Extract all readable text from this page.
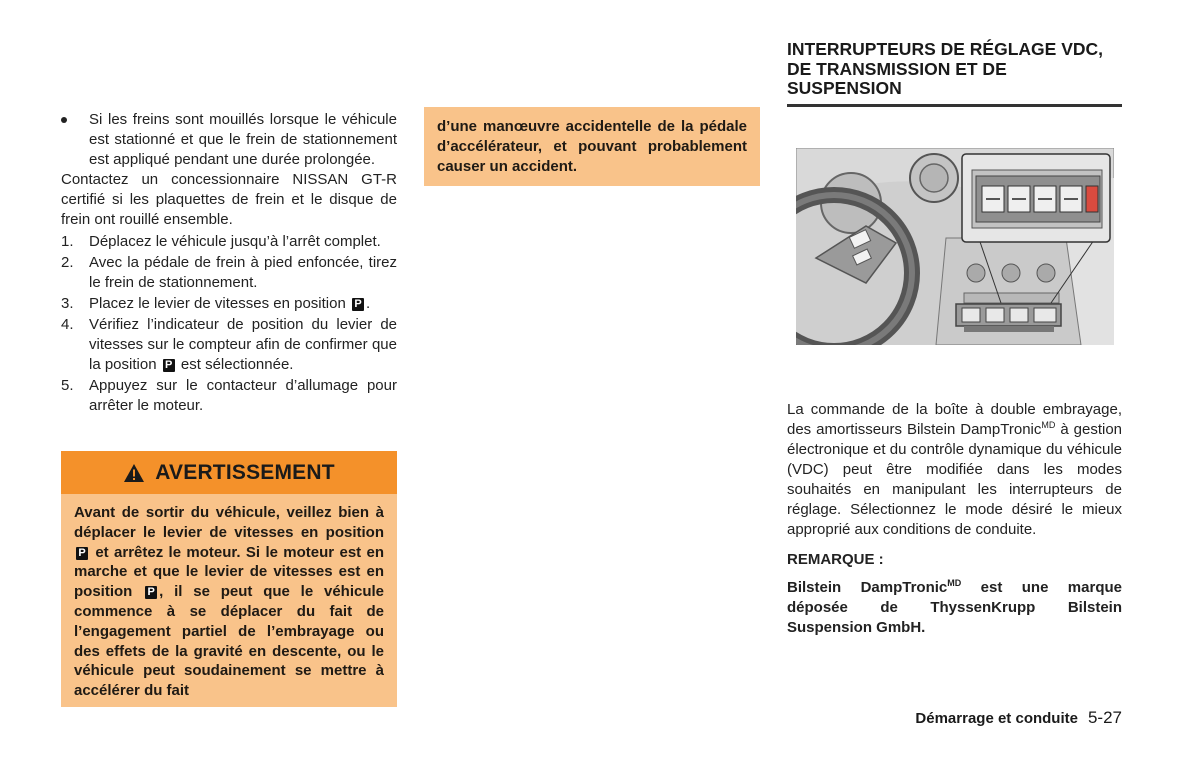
Si les freins sont mouillés lorsque le véhicule est stationné et que le frein de stationnement est appliqué pendant une durée prolongée.

Contactez un concessionnaire NISSAN GT-R certifié si les plaquettes de frein et le disque de frein ont rouillé ensemble.

1. Déplacez le véhicule jusqu’à l’arrêt complet.

2. Avec la pédale de frein à pied enfoncée, tirez le frein de stationnement.

3. Placez le levier de vitesses en position P .

4. Vérifiez l’indicateur de position du levier de vitesses sur le compteur afin de confirmer que la position P est sélectionnée.

5. Appuyez sur le contacteur d’allumage pour arrêter le moteur.

AVERTISSEMENT
Avant de sortir du véhicule, veillez bien à déplacer le levier de vitesses en position P et arrêtez le moteur. Si le moteur est en marche et que le levier de vitesses est en position P , il se peut que le véhicule commence à se déplacer du fait de l’engagement partiel de l’embrayage ou des effets de la gravité en descente, ou le véhicule peut soudainement se mettre à accélérer du fait

d’une manœuvre accidentelle de la pédale d’accélérateur, et pouvant probablement causer un accident.

INTERRUPTEURS DE RÉGLAGE VDC, DE TRANSMISSION ET DE SUSPENSION

La commande de la boîte à double embrayage, des amortisseurs Bilstein DampTronic$^{MD}$ à gestion électronique et du contrôle dynamique du véhicule (VDC) peut être modifiée dans les modes souhaités en manipulant les interrupteurs de réglage. Sélectionnez le mode désiré le mieux approprié aux conditions de conduite.

REMARQUE :

Bilstein DampTronic$^{MD}$ est une marque déposée de ThyssenKrupp Bilstein Suspension GmbH.

Démarrage et conduite 5-27
